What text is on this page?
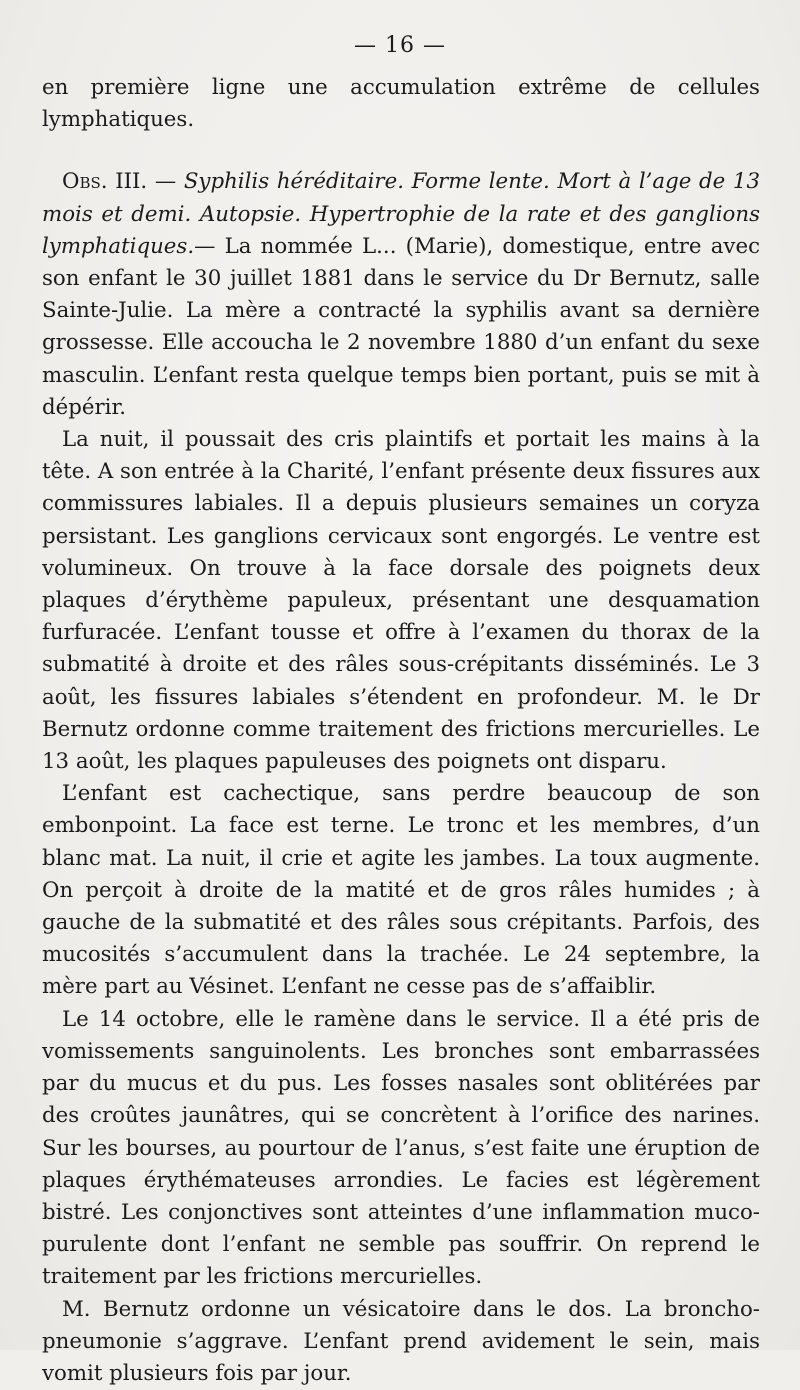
— 16 —

en première ligne une accumulation extrême de cellules lymphatiques.

Obs. III. — Syphilis héréditaire. Forme lente. Mort à l’age de 13 mois et demi. Autopsie. Hypertrophie de la rate et des ganglions lymphatiques.— La nommée L... (Marie), domestique, entre avec son enfant le 30 juillet 1881 dans le service du Dr Bernutz, salle Sainte-Julie. La mère a contracté la syphilis avant sa dernière grossesse. Elle accoucha le 2 novembre 1880 d’un enfant du sexe masculin. L’enfant resta quelque temps bien portant, puis se mit à dépérir.

La nuit, il poussait des cris plaintifs et portait les mains à la tête. A son entrée à la Charité, l’enfant présente deux fissures aux commissures labiales. Il a depuis plusieurs semaines un coryza persistant. Les ganglions cervicaux sont engorgés. Le ventre est volumineux. On trouve à la face dorsale des poignets deux plaques d’érythème papuleux, présentant une desquamation furfuracée. L’enfant tousse et offre à l’examen du thorax de la submatité à droite et des râles sous-crépitants disséminés. Le 3 août, les fissures labiales s’étendent en profondeur. M. le Dr Bernutz ordonne comme traitement des frictions mercurielles. Le 13 août, les plaques papuleuses des poignets ont disparu.

L’enfant est cachectique, sans perdre beaucoup de son embonpoint. La face est terne. Le tronc et les membres, d’un blanc mat. La nuit, il crie et agite les jambes. La toux augmente. On perçoit à droite de la matité et de gros râles humides ; à gauche de la submatité et des râles sous crépitants. Parfois, des mucosités s’accumulent dans la trachée. Le 24 septembre, la mère part au Vésinet. L’enfant ne cesse pas de s’affaiblir.

Le 14 octobre, elle le ramène dans le service. Il a été pris de vomissements sanguinolents. Les bronches sont embarrassées par du mucus et du pus. Les fosses nasales sont oblitérées par des croûtes jaunâtres, qui se concrètent à l’orifice des narines. Sur les bourses, au pourtour de l’anus, s’est faite une éruption de plaques érythémateuses arrondies. Le facies est légèrement bistré. Les conjonctives sont atteintes d’une inflammation muco-purulente dont l’enfant ne semble pas souffrir. On reprend le traitement par les frictions mercurielles.

M. Bernutz ordonne un vésicatoire dans le dos. La broncho-pneumonie s’aggrave. L’enfant prend avidement le sein, mais vomit plusieurs fois par jour.
